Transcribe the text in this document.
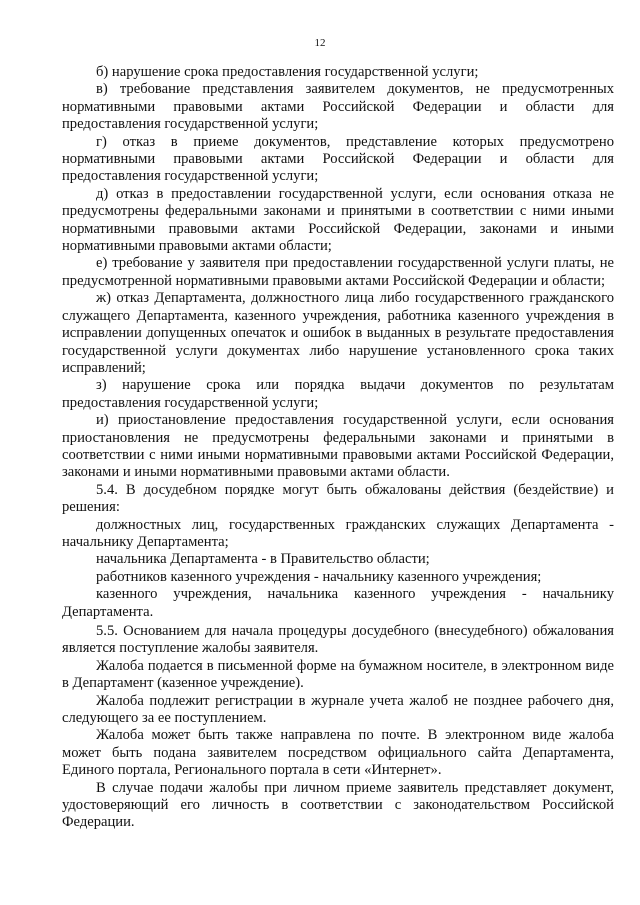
12

б) нарушение срока предоставления государственной услуги;

в) требование представления заявителем документов, не предусмотренных нормативными правовыми актами Российской Федерации и области для предоставления государственной услуги;

г) отказ в приеме документов, представление которых предусмотрено нормативными правовыми актами Российской Федерации и области для предоставления государственной услуги;

д) отказ в предоставлении государственной услуги, если основания отказа не предусмотрены федеральными законами и принятыми в соответствии с ними иными нормативными правовыми актами Российской Федерации, законами и иными нормативными правовыми актами области;

е) требование у заявителя при предоставлении государственной услуги платы, не предусмотренной нормативными правовыми актами Российской Федерации и области;

ж) отказ Департамента, должностного лица либо государственного гражданского служащего Департамента, казенного учреждения, работника казенного учреждения в исправлении допущенных опечаток и ошибок в выданных в результате предоставления государственной услуги документах либо нарушение установленного срока таких исправлений;

з) нарушение срока или порядка выдачи документов по результатам предоставления государственной услуги;

и) приостановление предоставления государственной услуги, если основания приостановления не предусмотрены федеральными законами и принятыми в соответствии с ними иными нормативными правовыми актами Российской Федерации, законами и иными нормативными правовыми актами области.

5.4. В досудебном порядке могут быть обжалованы действия (бездействие) и решения:

должностных лиц, государственных гражданских служащих Департамента - начальнику Департамента;

начальника Департамента - в Правительство области;

работников казенного учреждения - начальнику казенного учреждения;

казенного учреждения, начальника казенного учреждения - начальнику Департамента.

5.5. Основанием для начала процедуры досудебного (внесудебного) обжалования является поступление жалобы заявителя.

Жалоба подается в письменной форме на бумажном носителе, в электронном виде в Департамент (казенное учреждение).

Жалоба подлежит регистрации в журнале учета жалоб не позднее рабочего дня, следующего за ее поступлением.

Жалоба может быть также направлена по почте. В электронном виде жалоба может быть подана заявителем посредством официального сайта Департамента, Единого портала, Регионального портала в сети «Интернет».

В случае подачи жалобы при личном приеме заявитель представляет документ, удостоверяющий его личность в соответствии с законодательством Российской Федерации.
